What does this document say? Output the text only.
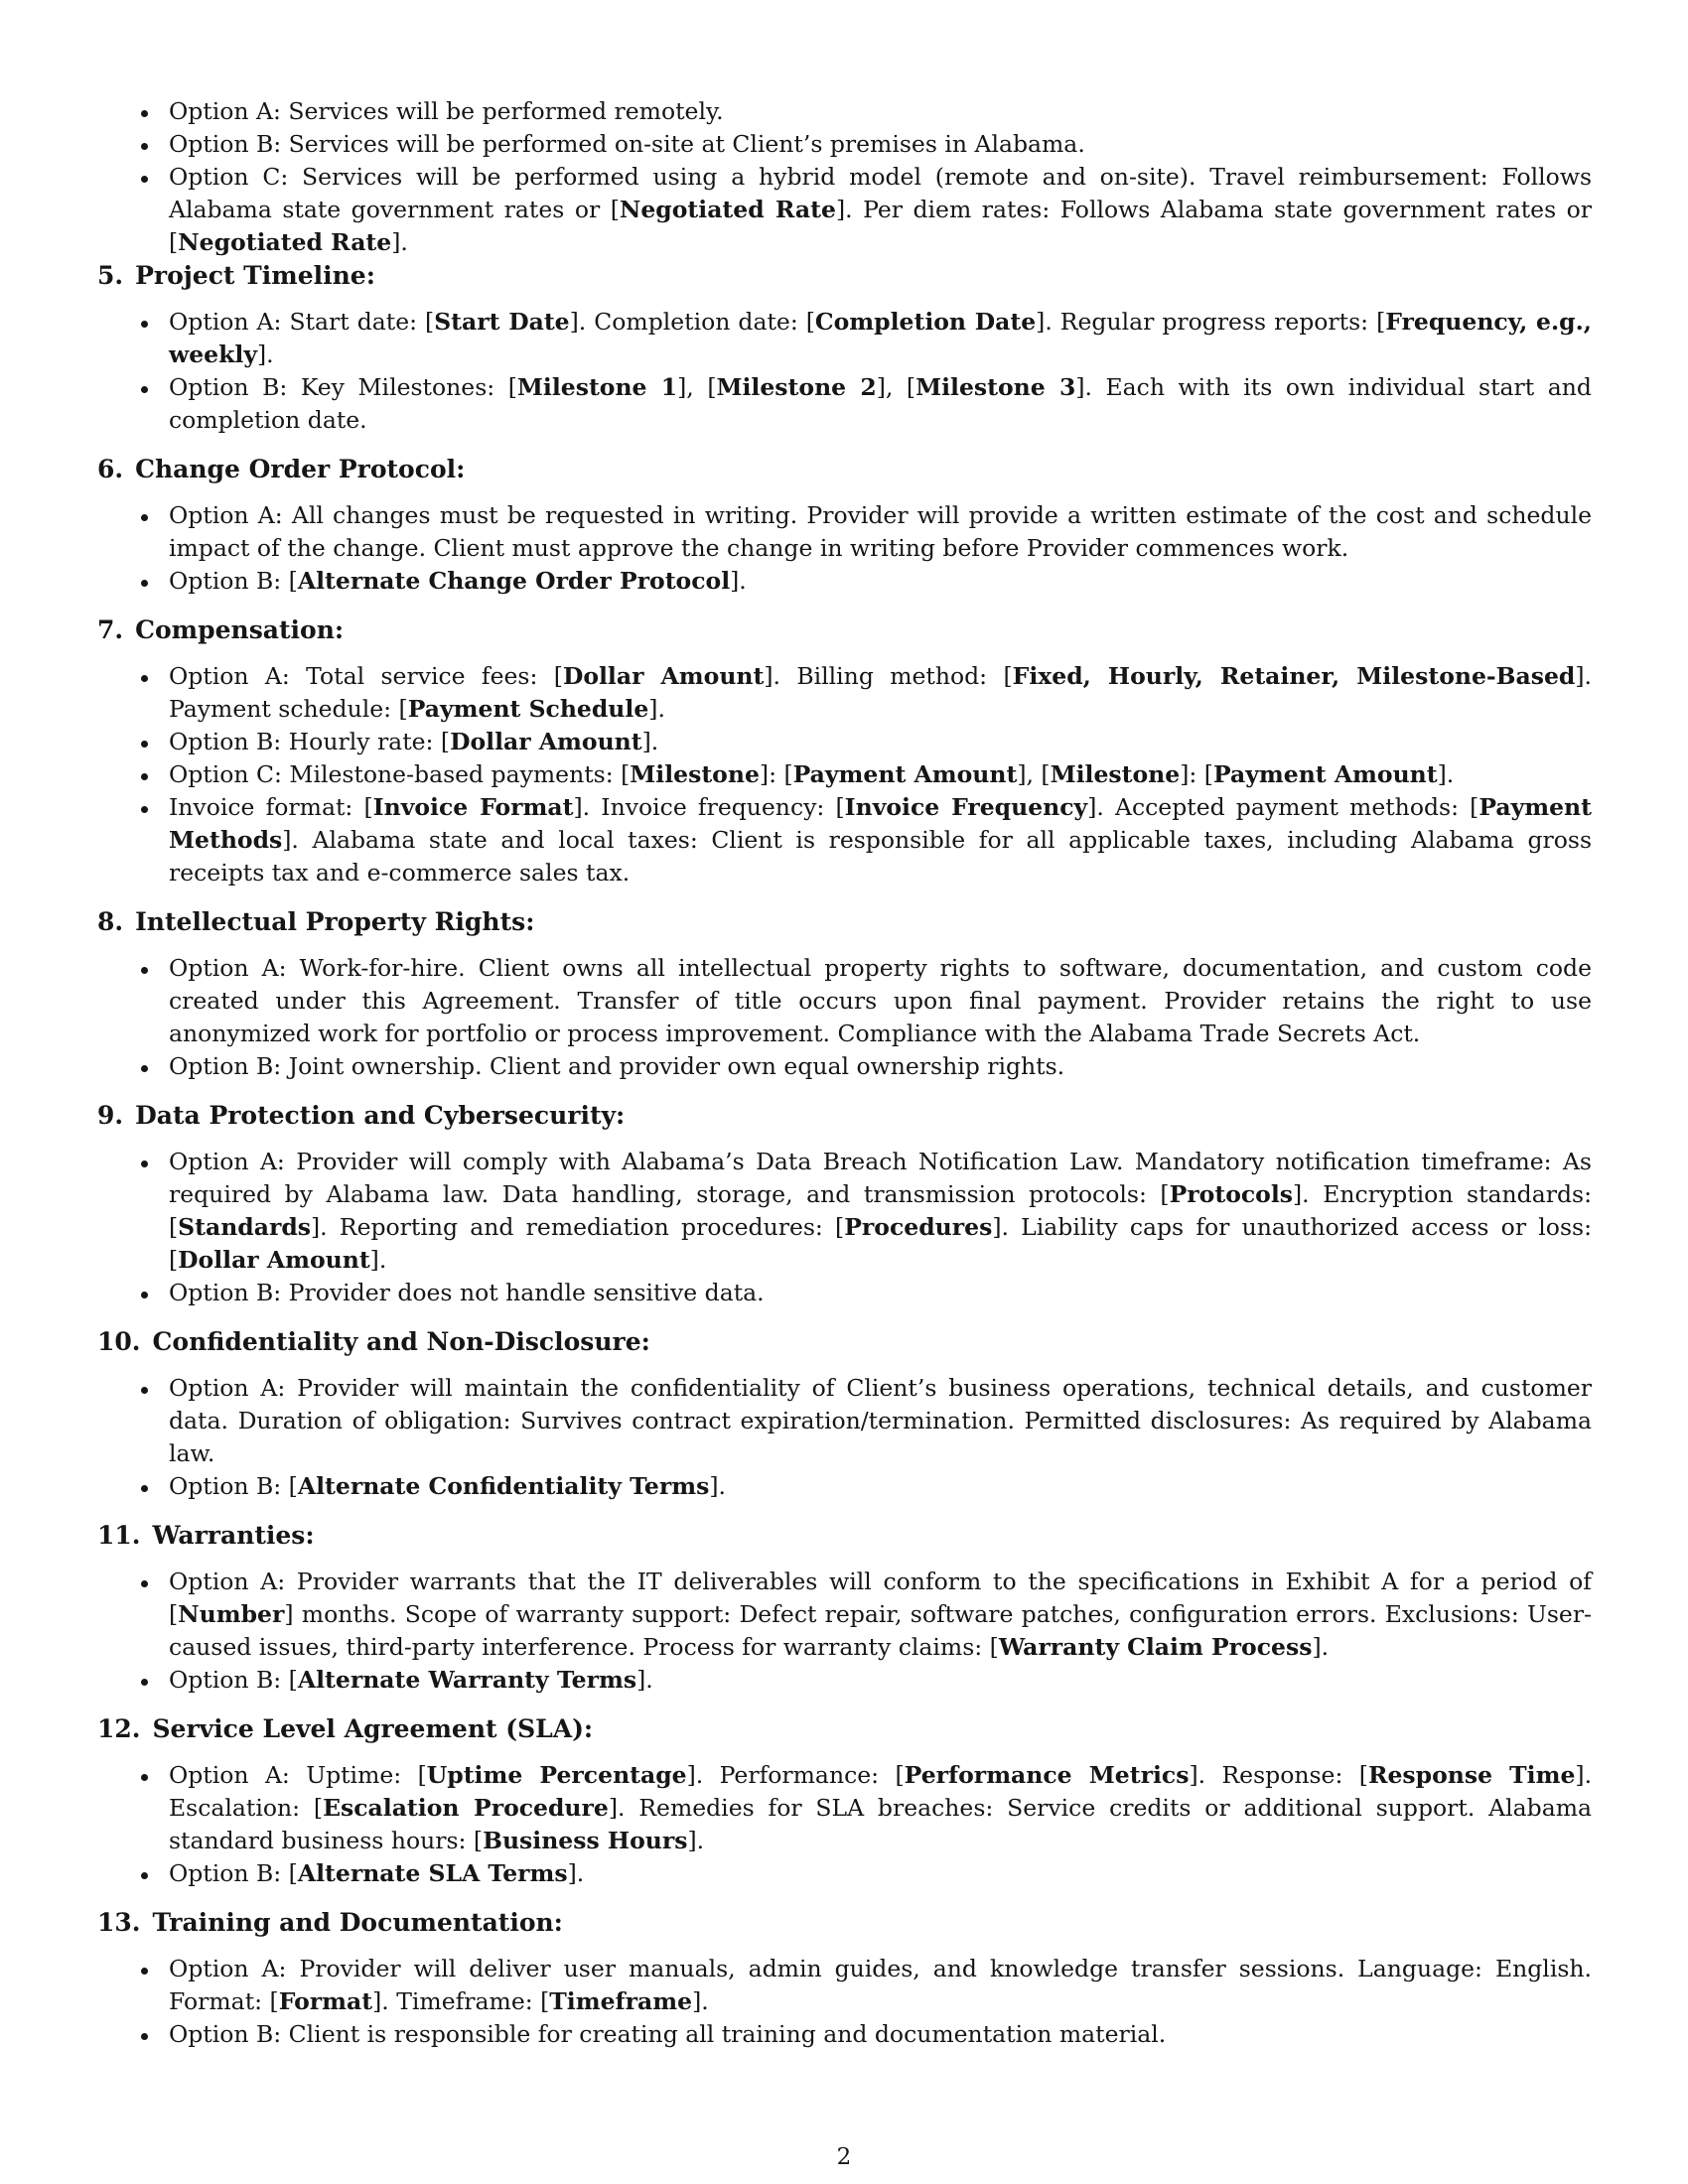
Option A: Services will be performed remotely.
Option B: Services will be performed on-site at Client’s premises in Alabama.
Option C: Services will be performed using a hybrid model (remote and on-site). Travel reimbursement: Follows Alabama state government rates or [Negotiated Rate]. Per diem rates: Follows Alabama state government rates or [Negotiated Rate].
5. Project Timeline:
Option A: Start date: [Start Date]. Completion date: [Completion Date]. Regular progress reports: [Frequency, e.g., weekly].
Option B: Key Milestones: [Milestone 1], [Milestone 2], [Milestone 3]. Each with its own individual start and completion date.
6. Change Order Protocol:
Option A: All changes must be requested in writing. Provider will provide a written estimate of the cost and schedule impact of the change. Client must approve the change in writing before Provider commences work.
Option B: [Alternate Change Order Protocol].
7. Compensation:
Option A: Total service fees: [Dollar Amount]. Billing method: [Fixed, Hourly, Retainer, Milestone-Based]. Payment schedule: [Payment Schedule].
Option B: Hourly rate: [Dollar Amount].
Option C: Milestone-based payments: [Milestone]: [Payment Amount], [Milestone]: [Payment Amount].
Invoice format: [Invoice Format]. Invoice frequency: [Invoice Frequency]. Accepted payment methods: [Payment Methods]. Alabama state and local taxes: Client is responsible for all applicable taxes, including Alabama gross receipts tax and e-commerce sales tax.
8. Intellectual Property Rights:
Option A: Work-for-hire. Client owns all intellectual property rights to software, documentation, and custom code created under this Agreement. Transfer of title occurs upon final payment. Provider retains the right to use anonymized work for portfolio or process improvement. Compliance with the Alabama Trade Secrets Act.
Option B: Joint ownership. Client and provider own equal ownership rights.
9. Data Protection and Cybersecurity:
Option A: Provider will comply with Alabama’s Data Breach Notification Law. Mandatory notification timeframe: As required by Alabama law. Data handling, storage, and transmission protocols: [Protocols]. Encryption standards: [Standards]. Reporting and remediation procedures: [Procedures]. Liability caps for unauthorized access or loss: [Dollar Amount].
Option B: Provider does not handle sensitive data.
10. Confidentiality and Non-Disclosure:
Option A: Provider will maintain the confidentiality of Client’s business operations, technical details, and customer data. Duration of obligation: Survives contract expiration/termination. Permitted disclosures: As required by Alabama law.
Option B: [Alternate Confidentiality Terms].
11. Warranties:
Option A: Provider warrants that the IT deliverables will conform to the specifications in Exhibit A for a period of [Number] months. Scope of warranty support: Defect repair, software patches, configuration errors. Exclusions: User-caused issues, third-party interference. Process for warranty claims: [Warranty Claim Process].
Option B: [Alternate Warranty Terms].
12. Service Level Agreement (SLA):
Option A: Uptime: [Uptime Percentage]. Performance: [Performance Metrics]. Response: [Response Time]. Escalation: [Escalation Procedure]. Remedies for SLA breaches: Service credits or additional support. Alabama standard business hours: [Business Hours].
Option B: [Alternate SLA Terms].
13. Training and Documentation:
Option A: Provider will deliver user manuals, admin guides, and knowledge transfer sessions. Language: English. Format: [Format]. Timeframe: [Timeframe].
Option B: Client is responsible for creating all training and documentation material.
2
